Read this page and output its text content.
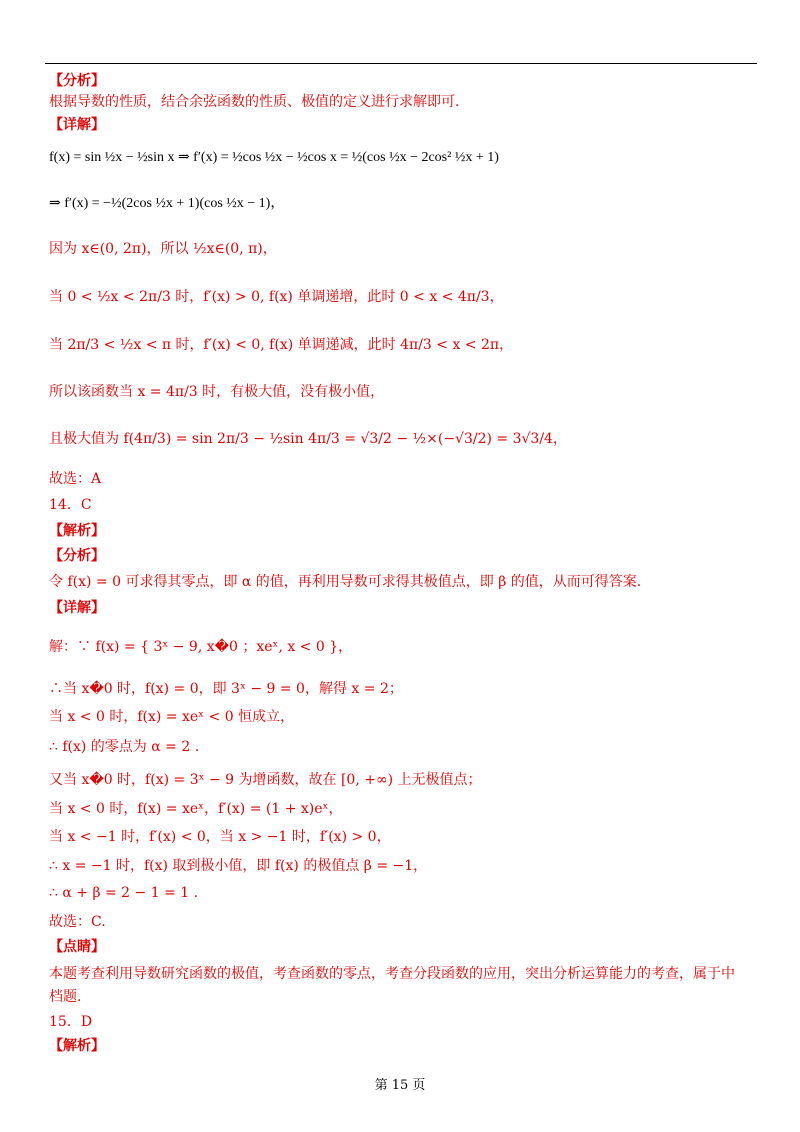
【分析】
根据导数的性质，结合余弦函数的性质、极值的定义进行求解即可.
【详解】
f(x) = sin ½x − ½sin x ⇒ f′(x) = ½cos ½x − ½cos x = ½(cos ½x − 2cos² ½x + 1)
⇒ f′(x) = −½(2cos ½x + 1)(cos ½x − 1)，
因为 x∈(0, 2π)，所以 ½x∈(0, π)，
当 0 < ½x < 2π/3 时，f′(x) > 0, f(x) 单调递增，此时 0 < x < 4π/3，
当 2π/3 < ½x < π 时，f′(x) < 0, f(x) 单调递减，此时 4π/3 < x < 2π，
所以该函数当 x = 4π/3 时，有极大值，没有极小值，
且极大值为 f(4π/3) = sin 2π/3 − ½sin 4π/3 = √3/2 − ½×(−√3/2) = 3√3/4，
故选：A
14．C
【解析】
【分析】
令 f(x) = 0 可求得其零点，即 α 的值，再利用导数可求得其极值点，即 β 的值，从而可得答案.
【详解】
解：∵ f(x) = { 3ˣ − 9, x�0 ；xeˣ, x < 0 }，
∴当 x�0 时，f(x) = 0，即 3ˣ − 9 = 0，解得 x = 2；
当 x < 0 时，f(x) = xeˣ < 0 恒成立，
∴ f(x) 的零点为 α = 2 .
又当 x�0 时，f(x) = 3ˣ − 9 为增函数，故在 [0, +∞) 上无极值点；
当 x < 0 时，f(x) = xeˣ，f′(x) = (1 + x)eˣ，
当 x < −1 时，f′(x) < 0，当 x > −1 时，f′(x) > 0，
∴ x = −1 时，f(x) 取到极小值，即 f(x) 的极值点 β = −1，
∴ α + β = 2 − 1 = 1 .
故选：C.
【点睛】
本题考查利用导数研究函数的极值，考查函数的零点，考查分段函数的应用，突出分析运算能力的考查，属于中
档题.
15．D
【解析】
第 15 页
